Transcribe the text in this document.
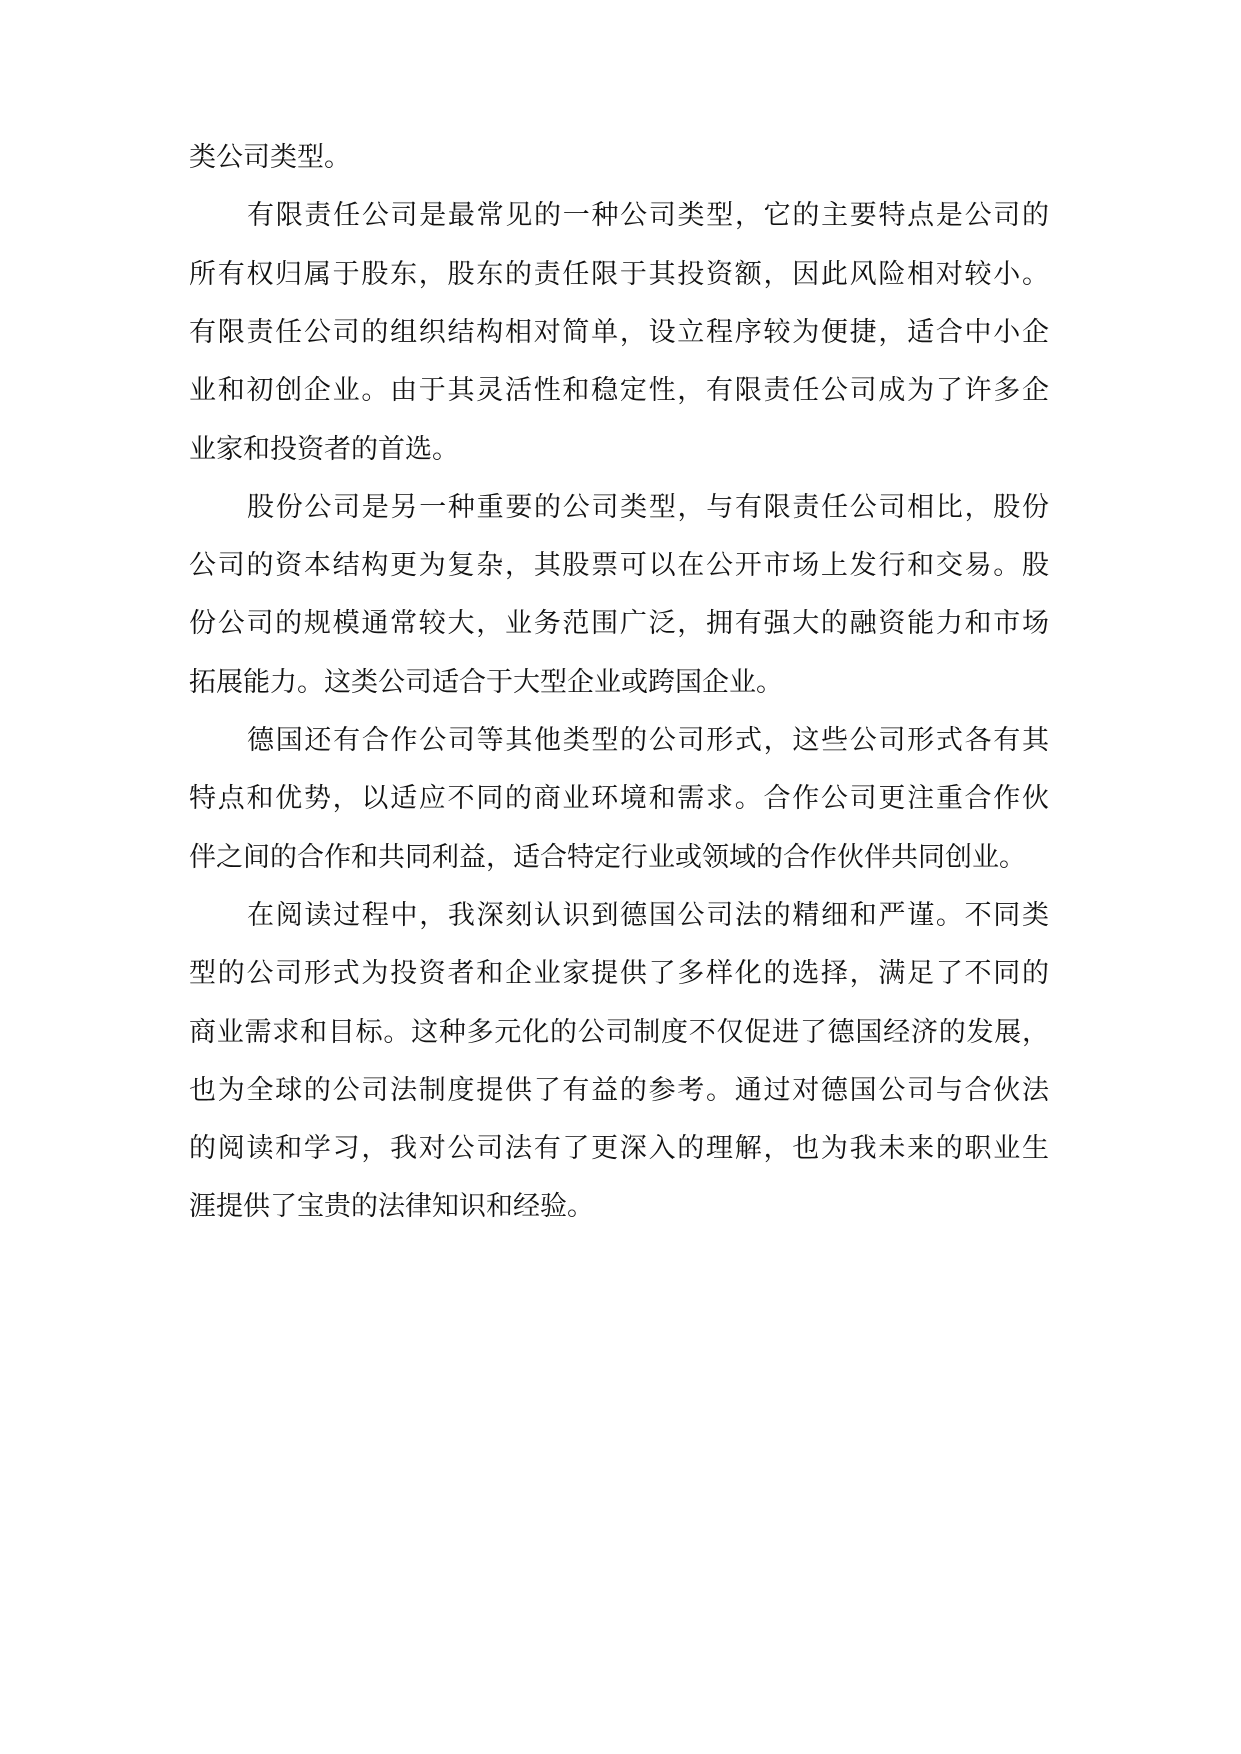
类公司类型。
有限责任公司是最常见的一种公司类型，它的主要特点是公司的
所有权归属于股东，股东的责任限于其投资额，因此风险相对较小。
有限责任公司的组织结构相对简单，设立程序较为便捷，适合中小企
业和初创企业。由于其灵活性和稳定性，有限责任公司成为了许多企
业家和投资者的首选。
股份公司是另一种重要的公司类型，与有限责任公司相比，股份
公司的资本结构更为复杂，其股票可以在公开市场上发行和交易。股
份公司的规模通常较大，业务范围广泛，拥有强大的融资能力和市场
拓展能力。这类公司适合于大型企业或跨国企业。
德国还有合作公司等其他类型的公司形式，这些公司形式各有其
特点和优势，以适应不同的商业环境和需求。合作公司更注重合作伙
伴之间的合作和共同利益，适合特定行业或领域的合作伙伴共同创业。
在阅读过程中，我深刻认识到德国公司法的精细和严谨。不同类
型的公司形式为投资者和企业家提供了多样化的选择，满足了不同的
商业需求和目标。这种多元化的公司制度不仅促进了德国经济的发展，
也为全球的公司法制度提供了有益的参考。通过对德国公司与合伙法
的阅读和学习，我对公司法有了更深入的理解，也为我未来的职业生
涯提供了宝贵的法律知识和经验。
